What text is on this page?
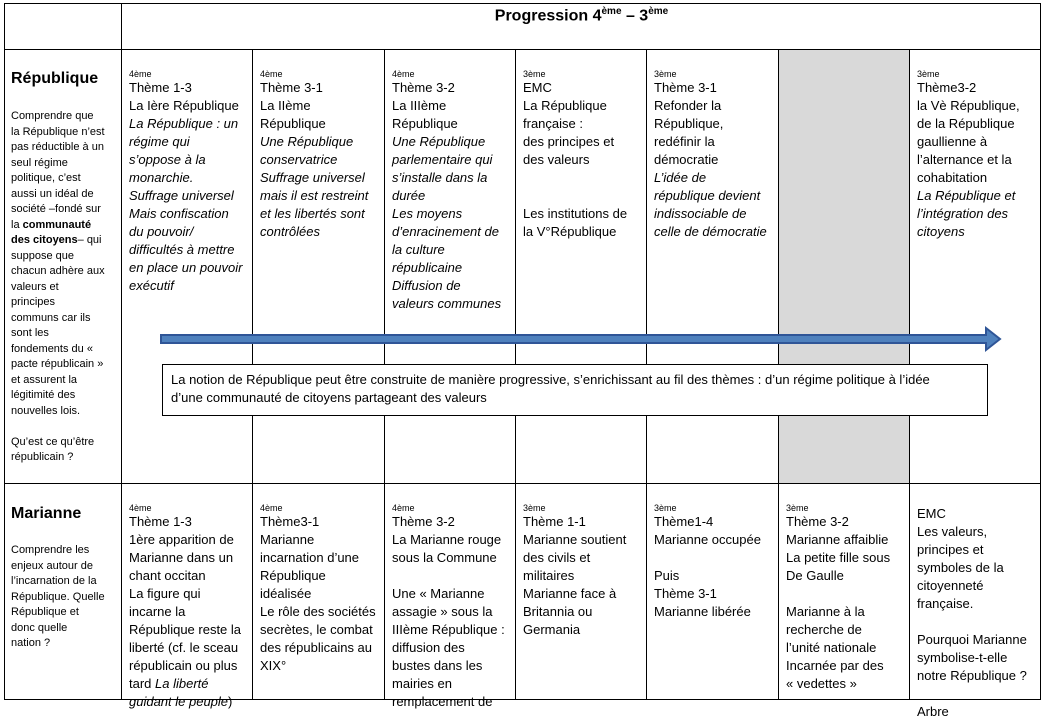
Progression 4ème – 3ème
République
Comprendre que
la République n’est
pas réductible à un
seul régime
politique, c’est
aussi un idéal de
société –fondé sur
la communauté
des citoyens– qui
suppose que
chacun adhère aux
valeurs et
principes
communs car ils
sont les
fondements du «
pacte républicain »
et assurent la
légitimité des
nouvelles lois.

Qu’est ce qu’être
républicain ?

4ème
Thème 1-3
La Ière République
La République : un
régime qui
s’oppose à la
monarchie.
Suffrage universel
Mais confiscation
du pouvoir/
difficultés à mettre
en place un pouvoir
exécutif

4ème
Thème 3-1
La IIème
République
Une République
conservatrice
Suffrage universel
mais il est restreint
et les libertés sont
contrôlées

4ème
Thème 3-2
La IIIème
République
Une République
parlementaire qui
s’installe dans la
durée
Les moyens
d’enracinement de
la culture
républicaine
Diffusion de
valeurs communes

3ème
EMC
La République
française :
des principes et
des valeurs

Les institutions de
la V°République

3ème
Thème 3-1
Refonder la
République,
redéfinir la
démocratie
L’idée de
république devient
indissociable de
celle de démocratie

3ème
Thème3-2
la Vè République,
de la République
gaullienne à
l’alternance et la
cohabitation
La République et
l’intégration des
citoyens

La notion de République peut être construite de manière progressive, s’enrichissant au fil des thèmes : d’un régime politique à l’idée
d’une communauté de citoyens partageant des valeurs
Marianne
Comprendre les
enjeux autour de
l’incarnation de la
République. Quelle
République et
donc quelle
nation ?

4ème
Thème 1-3
1ère apparition de
Marianne dans un
chant occitan
La figure qui
incarne la
République reste la
liberté (cf. le sceau
républicain ou plus
tard La liberté
guidant le peuple)

4ème
Thème3-1
Marianne
incarnation d’une
République
idéalisée
Le rôle des sociétés
secrètes, le combat
des républicains au
XIX°

4ème
Thème 3-2
La Marianne rouge
sous la Commune

Une « Marianne
assagie » sous la
IIIème République :
diffusion des
bustes dans les
mairies en
remplacement de

3ème
Thème 1-1
Marianne soutient
des civils et
militaires
Marianne face à
Britannia ou
Germania

3ème
Thème1-4
Marianne occupée

Puis
Thème 3-1
Marianne libérée

3ème
Thème 3-2
Marianne affaiblie
La petite fille sous
De Gaulle

Marianne à la
recherche de
l’unité nationale
Incarnée par des
« vedettes »

EMC
Les valeurs,
principes et
symboles de la
citoyenneté
française.

Pourquoi Marianne
symbolise-t-elle
notre République ?

Arbre
